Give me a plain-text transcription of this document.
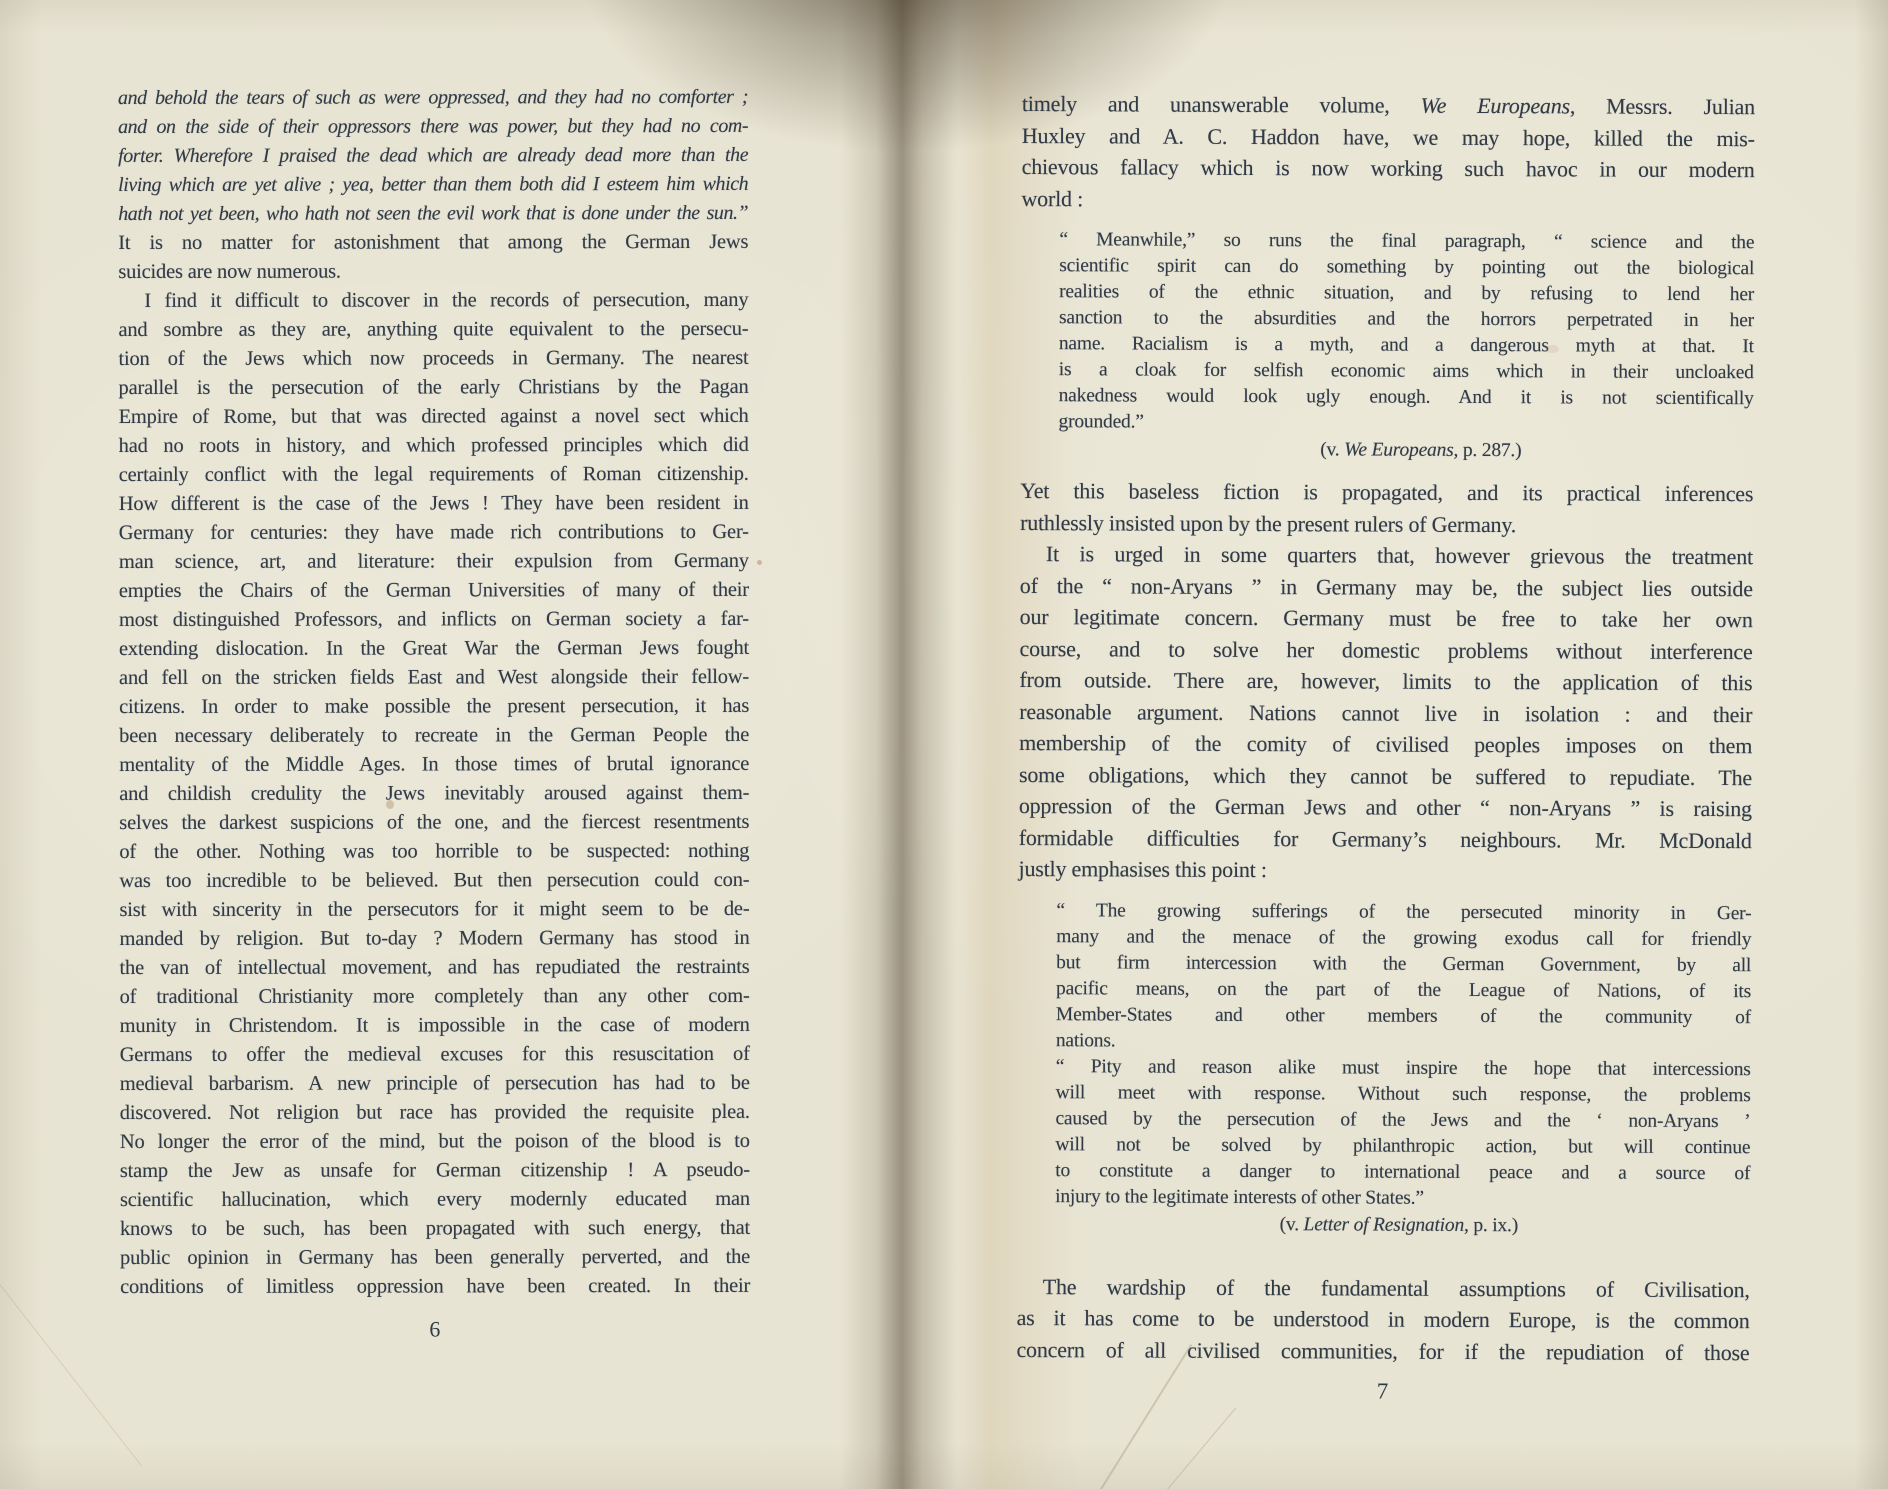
and behold the tears of such as were oppressed, and they had no comforter ;
and on the side of their oppressors there was power, but they had no com-
forter. Wherefore I praised the dead which are already dead more than the
living which are yet alive ; yea, better than them both did I esteem him which
hath not yet been, who hath not seen the evil work that is done under the sun.”
It is no matter for astonishment that among the German Jews
suicides are now numerous.
I find it difficult to discover in the records of persecution, many
and sombre as they are, anything quite equivalent to the persecu-
tion of the Jews which now proceeds in Germany. The nearest
parallel is the persecution of the early Christians by the Pagan
Empire of Rome, but that was directed against a novel sect which
had no roots in history, and which professed principles which did
certainly conflict with the legal requirements of Roman citizenship.
How different is the case of the Jews ! They have been resident in
Germany for centuries: they have made rich contributions to Ger-
man science, art, and literature: their expulsion from Germany
empties the Chairs of the German Universities of many of their
most distinguished Professors, and inflicts on German society a far-
extending dislocation. In the Great War the German Jews fought
and fell on the stricken fields East and West alongside their fellow-
citizens. In order to make possible the present persecution, it has
been necessary deliberately to recreate in the German People the
mentality of the Middle Ages. In those times of brutal ignorance
and childish credulity the Jews inevitably aroused against them-
selves the darkest suspicions of the one, and the fiercest resentments
of the other. Nothing was too horrible to be suspected: nothing
was too incredible to be believed. But then persecution could con-
sist with sincerity in the persecutors for it might seem to be de-
manded by religion. But to-day ? Modern Germany has stood in
the van of intellectual movement, and has repudiated the restraints
of traditional Christianity more completely than any other com-
munity in Christendom. It is impossible in the case of modern
Germans to offer the medieval excuses for this resuscitation of
medieval barbarism. A new principle of persecution has had to be
discovered. Not religion but race has provided the requisite plea.
No longer the error of the mind, but the poison of the blood is to
stamp the Jew as unsafe for German citizenship ! A pseudo-
scientific hallucination, which every modernly educated man
knows to be such, has been propagated with such energy, that
public opinion in Germany has been generally perverted, and the
conditions of limitless oppression have been created. In their
6
timely and unanswerable volume, We Europeans, Messrs. Julian
Huxley and A. C. Haddon have, we may hope, killed the mis-
chievous fallacy which is now working such havoc in our modern
world :
“ Meanwhile,” so runs the final paragraph, “ science and the
scientific spirit can do something by pointing out the biological
realities of the ethnic situation, and by refusing to lend her
sanction to the absurdities and the horrors perpetrated in her
name. Racialism is a myth, and a dangerous myth at that. It
is a cloak for selfish economic aims which in their uncloaked
nakedness would look ugly enough. And it is not scientifically
grounded.”
(v. We Europeans, p. 287.)
Yet this baseless fiction is propagated, and its practical inferences
ruthlessly insisted upon by the present rulers of Germany.
It is urged in some quarters that, however grievous the treatment
of the “ non-Aryans ” in Germany may be, the subject lies outside
our legitimate concern. Germany must be free to take her own
course, and to solve her domestic problems without interference
from outside. There are, however, limits to the application of this
reasonable argument. Nations cannot live in isolation : and their
membership of the comity of civilised peoples imposes on them
some obligations, which they cannot be suffered to repudiate. The
oppression of the German Jews and other “ non-Aryans ” is raising
formidable difficulties for Germany’s neighbours. Mr. McDonald
justly emphasises this point :
“ The growing sufferings of the persecuted minority in Ger-
many and the menace of the growing exodus call for friendly
but firm intercession with the German Government, by all
pacific means, on the part of the League of Nations, of its
Member-States and other members of the community of
nations.
“ Pity and reason alike must inspire the hope that intercessions
will meet with response. Without such response, the problems
caused by the persecution of the Jews and the ‘ non-Aryans ’
will not be solved by philanthropic action, but will continue
to constitute a danger to international peace and a source of
injury to the legitimate interests of other States.”
(v. Letter of Resignation, p. ix.)
The wardship of the fundamental assumptions of Civilisation,
as it has come to be understood in modern Europe, is the common
concern of all civilised communities, for if the repudiation of those
7
